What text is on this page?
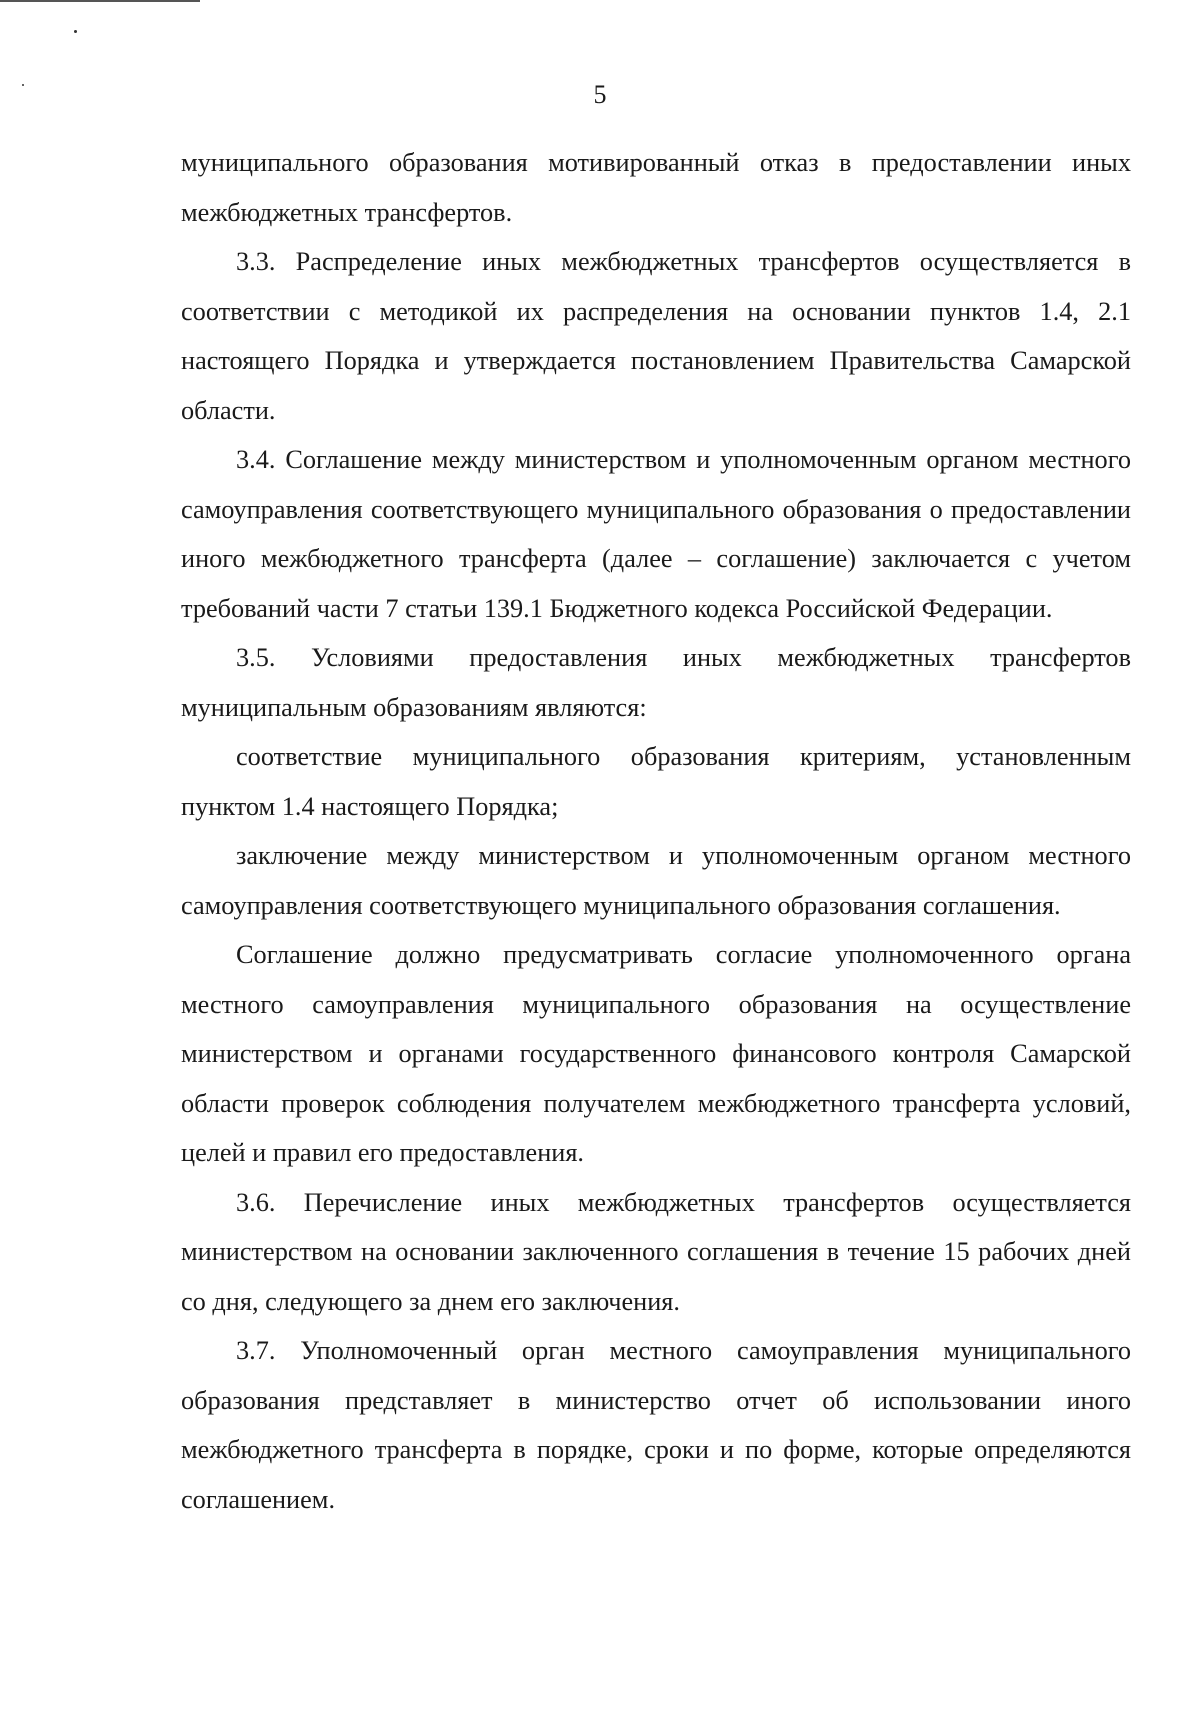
5

муниципального образования мотивированный отказ в предоставлении иных межбюджетных трансфертов.

3.3. Распределение иных межбюджетных трансфертов осуществляется в соответствии с методикой их распределения на основании пунктов 1.4, 2.1 настоящего Порядка и утверждается постановлением Правительства Самарской области.

3.4. Соглашение между министерством и уполномоченным органом местного самоуправления соответствующего муниципального образования о предоставлении иного межбюджетного трансферта (далее – соглашение) заключается с учетом требований части 7 статьи 139.1 Бюджетного кодекса Российской Федерации.

3.5. Условиями предоставления иных межбюджетных трансфертов муниципальным образованиям являются:

соответствие муниципального образования критериям, установленным пунктом 1.4 настоящего Порядка;

заключение между министерством и уполномоченным органом местного самоуправления соответствующего муниципального образования соглашения.

Соглашение должно предусматривать согласие уполномоченного органа местного самоуправления муниципального образования на осуществление министерством и органами государственного финансового контроля Самарской области проверок соблюдения получателем межбюджетного трансферта условий, целей и правил его предоставления.

3.6. Перечисление иных межбюджетных трансфертов осуществляется министерством на основании заключенного соглашения в течение 15 рабочих дней со дня, следующего за днем его заключения.

3.7. Уполномоченный орган местного самоуправления муниципального образования представляет в министерство отчет об использовании иного межбюджетного трансферта в порядке, сроки и по форме, которые определяются соглашением.
